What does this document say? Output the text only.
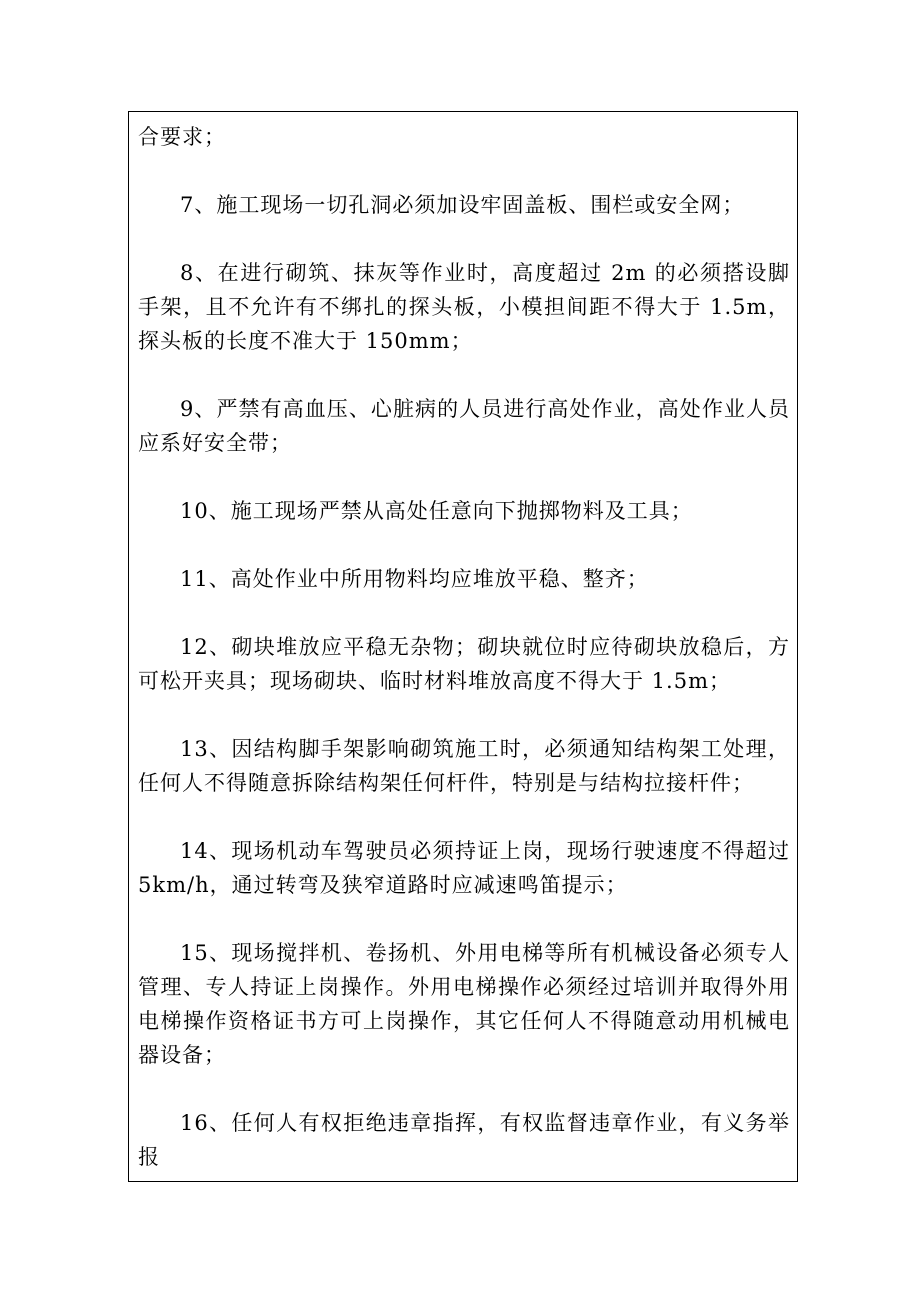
合要求；

7、施工现场一切孔洞必须加设牢固盖板、围栏或安全网；

8、在进行砌筑、抹灰等作业时，高度超过 2m 的必须搭设脚手架，且不允许有不绑扎的探头板，小模担间距不得大于 1.5m，探头板的长度不准大于 150mm；

9、严禁有高血压、心脏病的人员进行高处作业，高处作业人员应系好安全带；

10、施工现场严禁从高处任意向下抛掷物料及工具；

11、高处作业中所用物料均应堆放平稳、整齐；

12、砌块堆放应平稳无杂物；砌块就位时应待砌块放稳后，方可松开夹具；现场砌块、临时材料堆放高度不得大于 1.5m；

13、因结构脚手架影响砌筑施工时，必须通知结构架工处理，任何人不得随意拆除结构架任何杆件，特别是与结构拉接杆件；

14、现场机动车驾驶员必须持证上岗，现场行驶速度不得超过 5km/h，通过转弯及狭窄道路时应减速鸣笛提示；

15、现场搅拌机、卷扬机、外用电梯等所有机械设备必须专人管理、专人持证上岗操作。外用电梯操作必须经过培训并取得外用电梯操作资格证书方可上岗操作，其它任何人不得随意动用机械电器设备；

16、任何人有权拒绝违章指挥，有权监督违章作业，有义务举报
